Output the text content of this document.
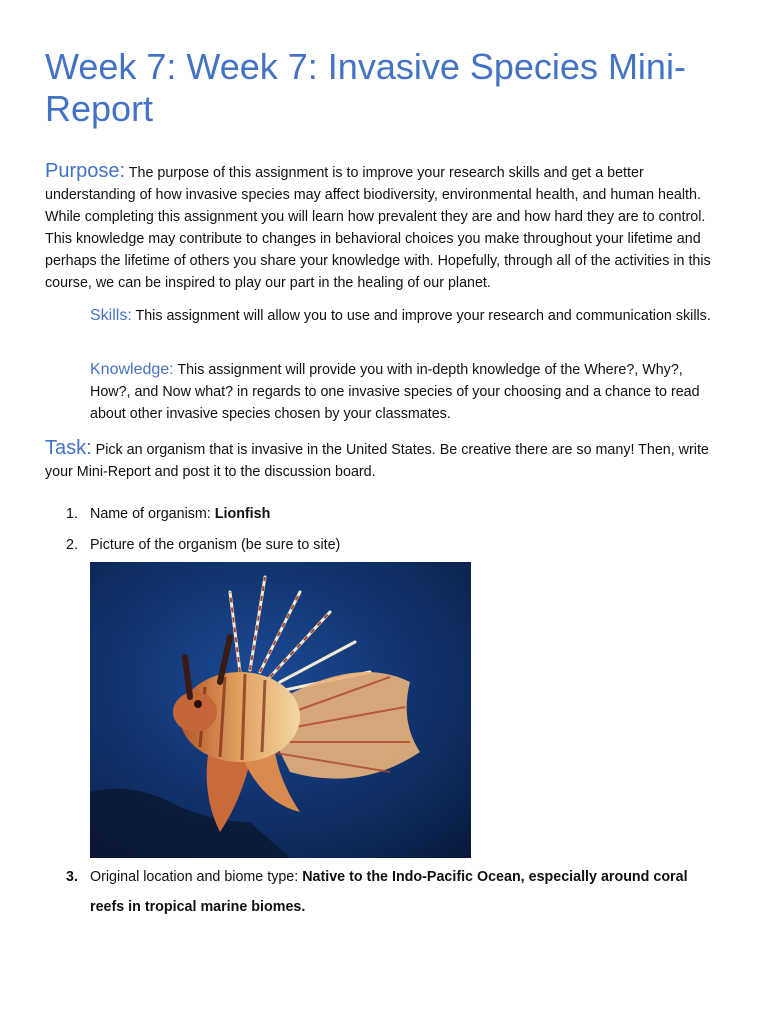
Week 7: Week 7: Invasive Species Mini-Report

Purpose: The purpose of this assignment is to improve your research skills and get a better understanding of how invasive species may affect biodiversity, environmental health, and human health. While completing this assignment you will learn how prevalent they are and how hard they are to control. This knowledge may contribute to changes in behavioral choices you make throughout your lifetime and perhaps the lifetime of others you share your knowledge with. Hopefully, through all of the activities in this course, we can be inspired to play our part in the healing of our planet.

Skills: This assignment will allow you to use and improve your research and communication skills.

Knowledge: This assignment will provide you with in-depth knowledge of the Where?, Why?, How?, and Now what? in regards to one invasive species of your choosing and a chance to read about other invasive species chosen by your classmates.

Task: Pick an organism that is invasive in the United States. Be creative there are so many! Then, write your Mini-Report and post it to the discussion board.

1. Name of organism: Lionfish
2. Picture of the organism (be sure to site)
3. Original location and biome type: Native to the Indo-Pacific Ocean, especially around coral reefs in tropical marine biomes.
